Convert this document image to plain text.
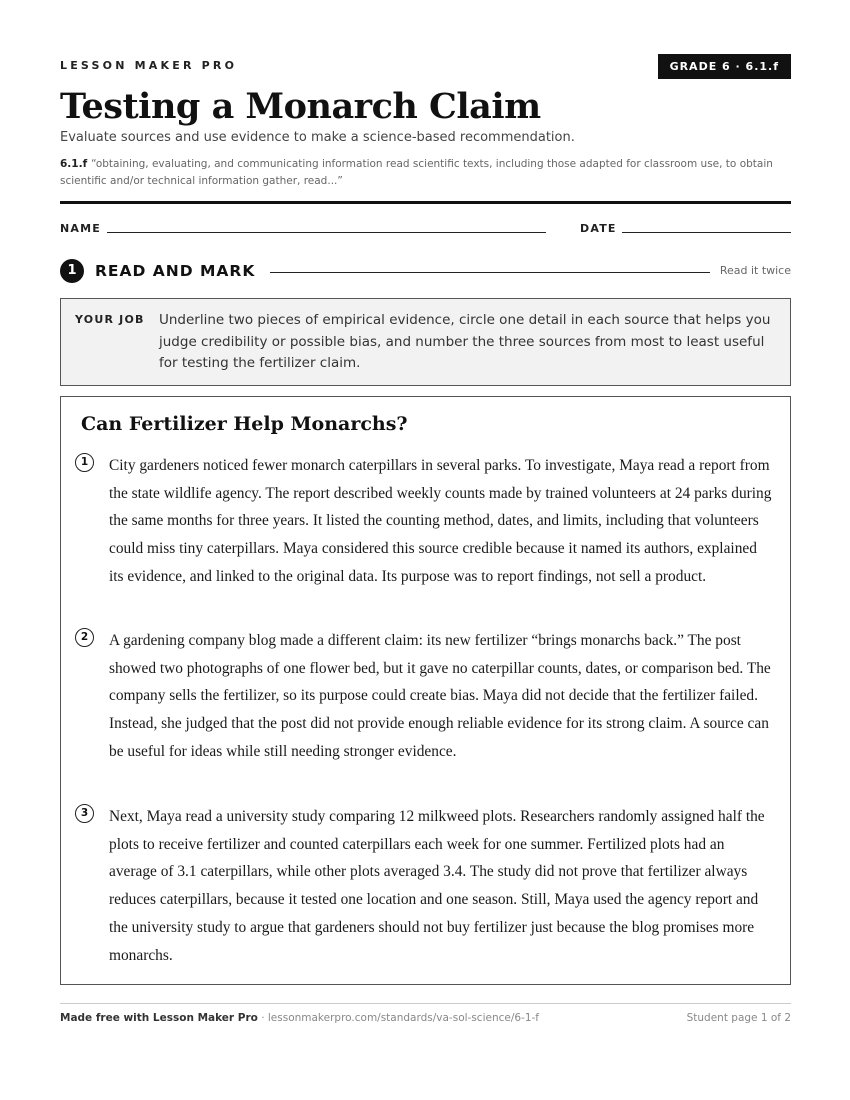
LESSON MAKER PRO	GRADE 6 · 6.1.f
Testing a Monarch Claim
Evaluate sources and use evidence to make a science-based recommendation.
6.1.f “obtaining, evaluating, and communicating information read scientific texts, including those adapted for classroom use, to obtain scientific and/or technical information gather, read...”
NAME	DATE
1	READ AND MARK	Read it twice
YOUR JOB Underline two pieces of empirical evidence, circle one detail in each source that helps you judge credibility or possible bias, and number the three sources from most to least useful for testing the fertilizer claim.
Can Fertilizer Help Monarchs?
1	City gardeners noticed fewer monarch caterpillars in several parks. To investigate, Maya read a report from the state wildlife agency. The report described weekly counts made by trained volunteers at 24 parks during the same months for three years. It listed the counting method, dates, and limits, including that volunteers could miss tiny caterpillars. Maya considered this source credible because it named its authors, explained its evidence, and linked to the original data. Its purpose was to report findings, not sell a product.

2	A gardening company blog made a different claim: its new fertilizer “brings monarchs back.” The post showed two photographs of one flower bed, but it gave no caterpillar counts, dates, or comparison bed. The company sells the fertilizer, so its purpose could create bias. Maya did not decide that the fertilizer failed. Instead, she judged that the post did not provide enough reliable evidence for its strong claim. A source can be useful for ideas while still needing stronger evidence.

3	Next, Maya read a university study comparing 12 milkweed plots. Researchers randomly assigned half the plots to receive fertilizer and counted caterpillars each week for one summer. Fertilized plots had an average of 3.1 caterpillars, while other plots averaged 3.4. The study did not prove that fertilizer always reduces caterpillars, because it tested one location and one season. Still, Maya used the agency report and the university study to argue that gardeners should not buy fertilizer just because the blog promises more monarchs.

Made free with Lesson Maker Pro · lessonmakerpro.com/standards/va-sol-science/6-1-f	Student page 1 of 2
